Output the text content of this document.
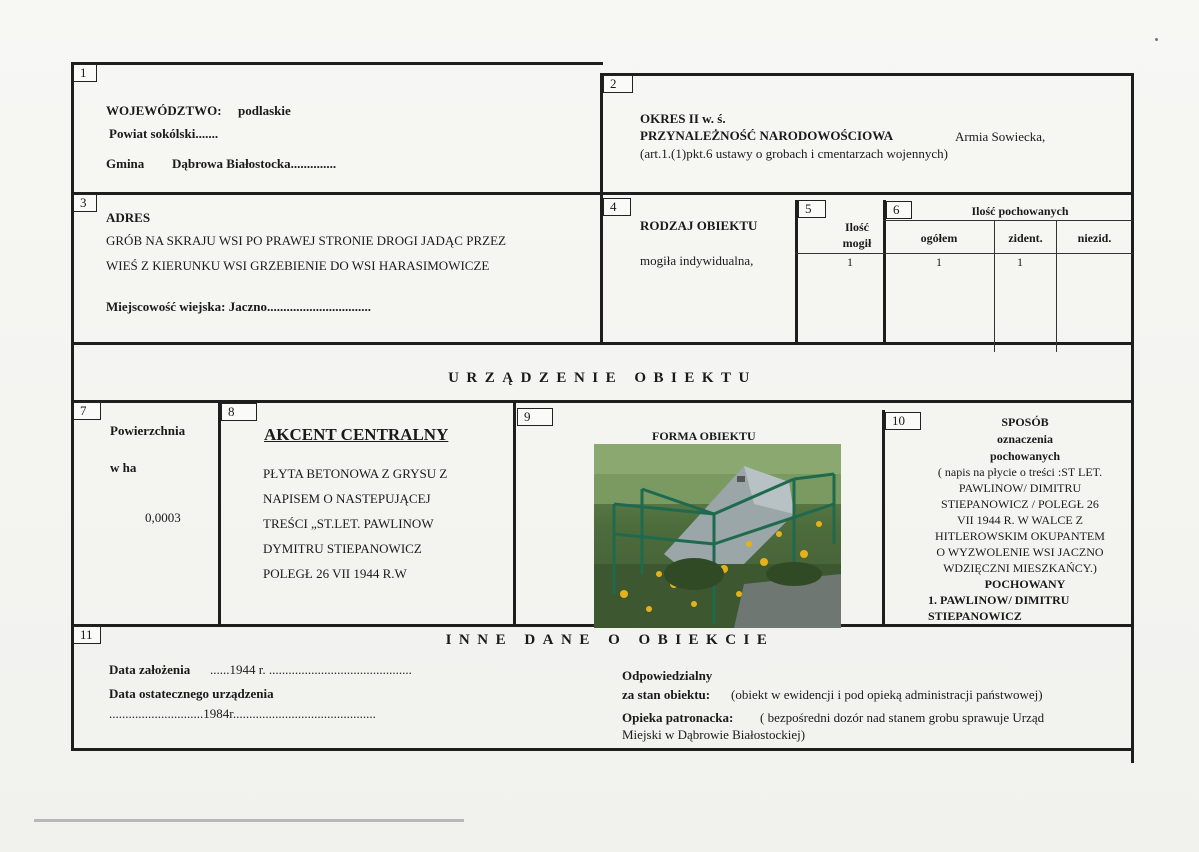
1
WOJEWÓDZTWO: podlaskie
Powiat sokólski.......
Gmina Dąbrowa Białostocka..............
2
OKRES II w. ś.
PRZYNALEŻNOŚĆ NARODOWOŚCIOWA	Armia Sowiecka,
(art.1.(1)pkt.6 ustawy o grobach i cmentarzach wojennych)
3
ADRES
GRÓB NA SKRAJU WSI PO PRAWEJ STRONIE DROGI JADĄC PRZEZ
WIEŚ Z KIERUNKU WSI GRZEBIENIE DO WSI HARASIMOWICZE
Miejscowość wiejska: Jaczno................................
4
RODZAJ OBIEKTU
mogiła indywidualna,
5
Ilość
mogił
1
6	Ilość pochowanych
ogółem	zident.	niezid.
1	1
URZĄDZENIE OBIEKTU
7
Powierzchnia
w ha
0,0003
8
AKCENT CENTRALNY
PŁYTA BETONOWA Z GRYSU Z
NAPISEM O NASTEPUJĄCEJ
TREŚCI „ST.LET. PAWLINOW
DYMITRU STIEPANOWICZ
POLEGŁ 26 VII 1944 R.W
9
FORMA OBIEKTU
10	SPOSÓB
oznaczenia
pochowanych
( napis na płycie o treści :ST LET.
PAWLINOW/ DIMITRU
STIEPANOWICZ / POLEGŁ 26
VII 1944 R. W WALCE Z
HITLEROWSKIM OKUPANTEM
O WYZWOLENIE WSI JACZNO
WDZIĘCZNI MIESZKAŃCY.)
POCHOWANY
1. PAWLINOW/ DIMITRU
STIEPANOWICZ
11	INNE DANE O OBIEKCIE
Data założenia ......1944 r. ............................................
Data ostatecznego urządzenia
.............................1984r............................................
Odpowiedzialny
za stan obiektu: (obiekt w ewidencji i pod opieką administracji państwowej)
Opieka patronacka: ( bezpośredni dozór nad stanem grobu sprawuje Urząd
Miejski w Dąbrowie Białostockiej)
